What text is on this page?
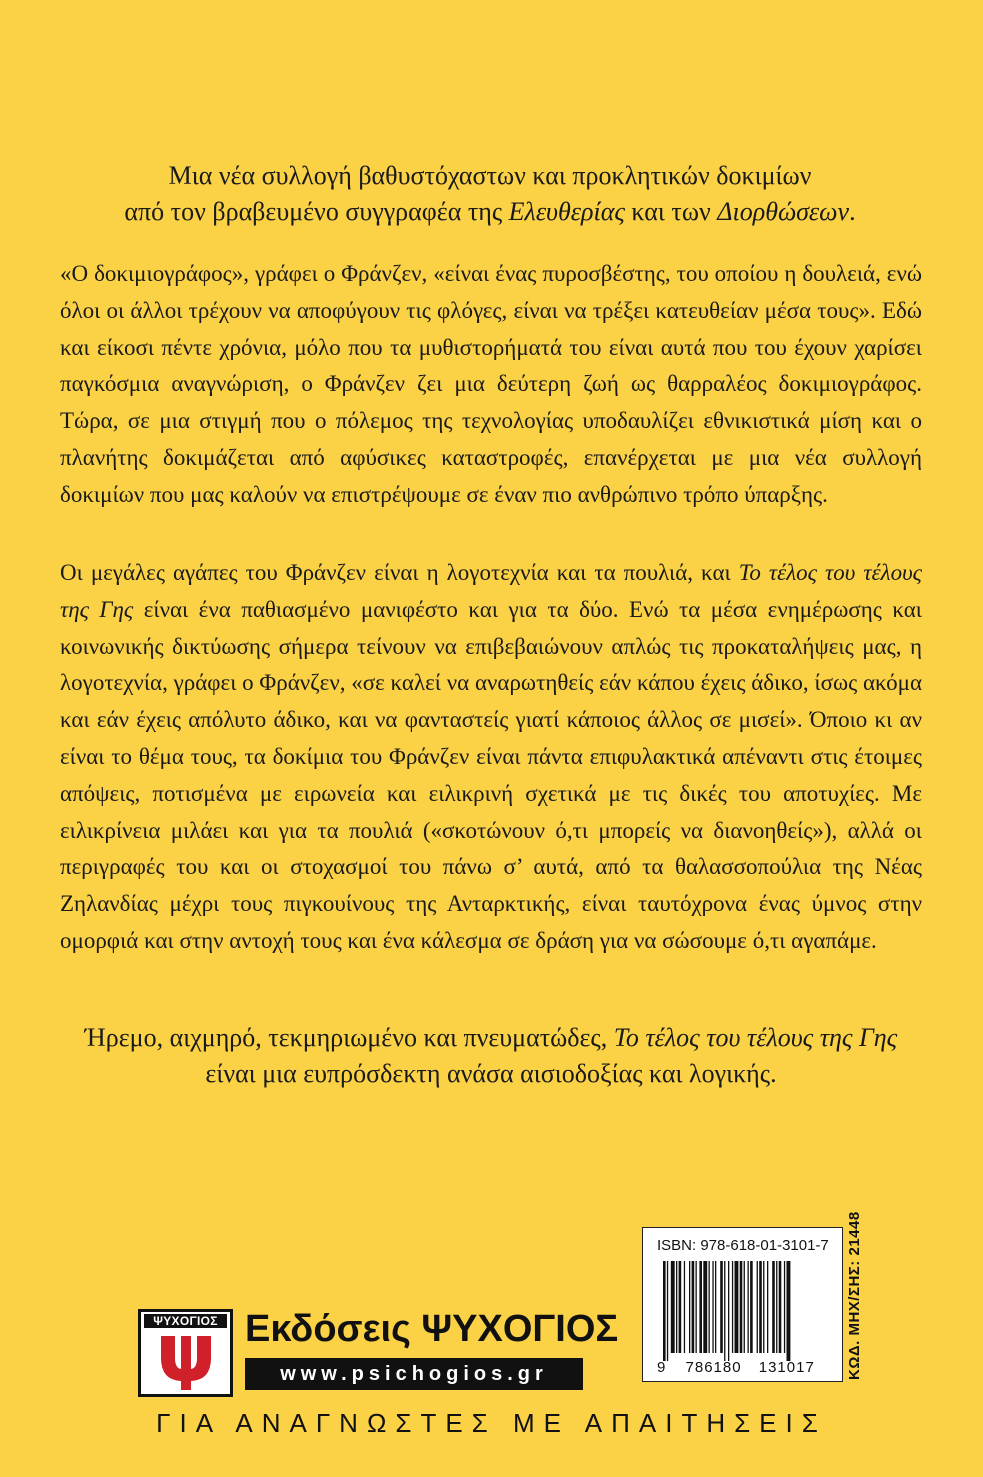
Μια νέα συλλογή βαθυστόχαστων και προκλητικών δοκιμίων
από τον βραβευμένο συγγραφέα της Ελευθερίας και των Διορθώσεων.
«Ο δοκιμιογράφος», γράφει ο Φράνζεν, «είναι ένας πυροσβέστης, του οποίου η δουλειά, ενώ όλοι οι άλλοι τρέχουν να αποφύγουν τις φλόγες, είναι να τρέξει κατευθείαν μέσα τους». Εδώ και είκοσι πέντε χρόνια, μόλο που τα μυθιστορήματά του είναι αυτά που του έχουν χαρίσει παγκόσμια αναγνώριση, ο Φράνζεν ζει μια δεύτερη ζωή ως θαρραλέος δοκιμιογράφος. Τώρα, σε μια στιγμή που ο πόλεμος της τεχνολογίας υποδαυλίζει εθνικιστικά μίση και ο πλανήτης δοκιμάζεται από αφύσικες καταστροφές, επανέρχεται με μια νέα συλλογή δοκιμίων που μας καλούν να επιστρέψουμε σε έναν πιο ανθρώπινο τρόπο ύπαρξης.
Οι μεγάλες αγάπες του Φράνζεν είναι η λογοτεχνία και τα πουλιά, και Το τέλος του τέλους της Γης είναι ένα παθιασμένο μανιφέστο και για τα δύο. Ενώ τα μέσα ενημέρωσης και κοινωνικής δικτύωσης σήμερα τείνουν να επιβεβαιώνουν απλώς τις προκαταλήψεις μας, η λογοτεχνία, γράφει ο Φράνζεν, «σε καλεί να αναρωτηθείς εάν κάπου έχεις άδικο, ίσως ακόμα και εάν έχεις απόλυτο άδικο, και να φανταστείς γιατί κάποιος άλλος σε μισεί». Όποιο κι αν είναι το θέμα τους, τα δοκίμια του Φράνζεν είναι πάντα επιφυλακτικά απέναντι στις έτοιμες απόψεις, ποτισμένα με ειρωνεία και ειλικρινή σχετικά με τις δικές του αποτυχίες. Με ειλικρίνεια μιλάει και για τα πουλιά («σκοτώνουν ό,τι μπορείς να διανοηθείς»), αλλά οι περιγραφές του και οι στοχασμοί του πάνω σ’ αυτά, από τα θαλασσοπούλια της Νέας Ζηλανδίας μέχρι τους πιγκουίνους της Ανταρκτικής, είναι ταυτόχρονα ένας ύμνος στην ομορφιά και στην αντοχή τους και ένα κάλεσμα σε δράση για να σώσουμε ό,τι αγαπάμε.
Ήρεμο, αιχμηρό, τεκμηριωμένο και πνευματώδες, Το τέλος του τέλους της Γης
είναι μια ευπρόσδεκτη ανάσα αισιοδοξίας και λογικής.
ISBN: 978-618-01-3101-7
9 786180 131017	ΚΩΔ. ΜΗΧ/ΣΗΣ: 21448
ΨΥΧΟΓΙΟΣ Εκδόσεις ΨΥΧΟΓΙΟΣ
www.psichogios.gr
ΓΙΑ ΑΝΑΓΝΩΣΤΕΣ ΜΕ ΑΠΑΙΤΗΣΕΙΣ
